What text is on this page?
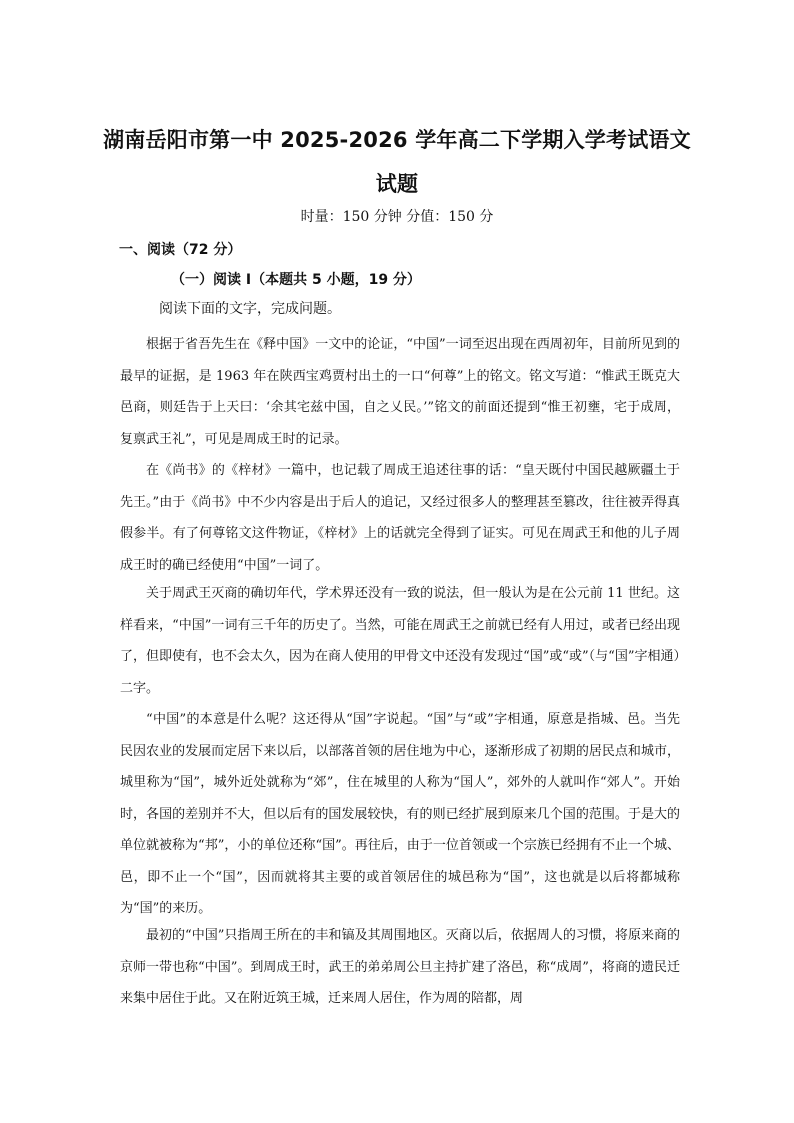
湖南岳阳市第一中 2025-2026 学年高二下学期入学考试语文
试题
时量：150 分钟 分值：150 分
一、阅读（72 分）
（一）阅读 I（本题共 5 小题，19 分）
阅读下面的文字，完成问题。

根据于省吾先生在《释中国》一文中的论证，“中国”一词至迟出现在西周初年，目前所见到的最早的证据，是 1963 年在陕西宝鸡贾村出土的一口“何尊”上的铭文。铭文写道：“惟武王既克大邑商，则廷告于上天曰：‘余其宅兹中国，自之乂民。’”铭文的前面还提到“惟王初壅，宅于成周，复禀武王礼”，可见是周成王时的记录。

在《尚书》的《梓材》一篇中，也记载了周成王追述往事的话：“皇天既付中国民越厥疆土于先王。”由于《尚书》中不少内容是出于后人的追记，又经过很多人的整理甚至篡改，往往被弄得真假参半。有了何尊铭文这件物证，《梓材》上的话就完全得到了证实。可见在周武王和他的儿子周成王时的确已经使用“中国”一词了。

关于周武王灭商的确切年代，学术界还没有一致的说法，但一般认为是在公元前 11 世纪。这样看来，“中国”一词有三千年的历史了。当然，可能在周武王之前就已经有人用过，或者已经出现了，但即使有，也不会太久，因为在商人使用的甲骨文中还没有发现过“国”或“或”（与“国”字相通）二字。

“中国”的本意是什么呢？这还得从“国”字说起。“国”与“或”字相通，原意是指城、邑。当先民因农业的发展而定居下来以后，以部落首领的居住地为中心，逐渐形成了初期的居民点和城市，城里称为“国”，城外近处就称为“郊”，住在城里的人称为“国人”，郊外的人就叫作“郊人”。开始时，各国的差别并不大，但以后有的国发展较快，有的则已经扩展到原来几个国的范围。于是大的单位就被称为“邦”，小的单位还称“国”。再往后，由于一位首领或一个宗族已经拥有不止一个城、邑，即不止一个“国”，因而就将其主要的或首领居住的城邑称为“国”，这也就是以后将都城称为“国”的来历。

最初的“中国”只指周王所在的丰和镐及其周围地区。灭商以后，依据周人的习惯，将原来商的京师一带也称“中国”。到周成王时，武王的弟弟周公旦主持扩建了洛邑，称“成周”，将商的遗民迁来集中居住于此。又在附近筑王城，迁来周人居住，作为周的陪都，周
